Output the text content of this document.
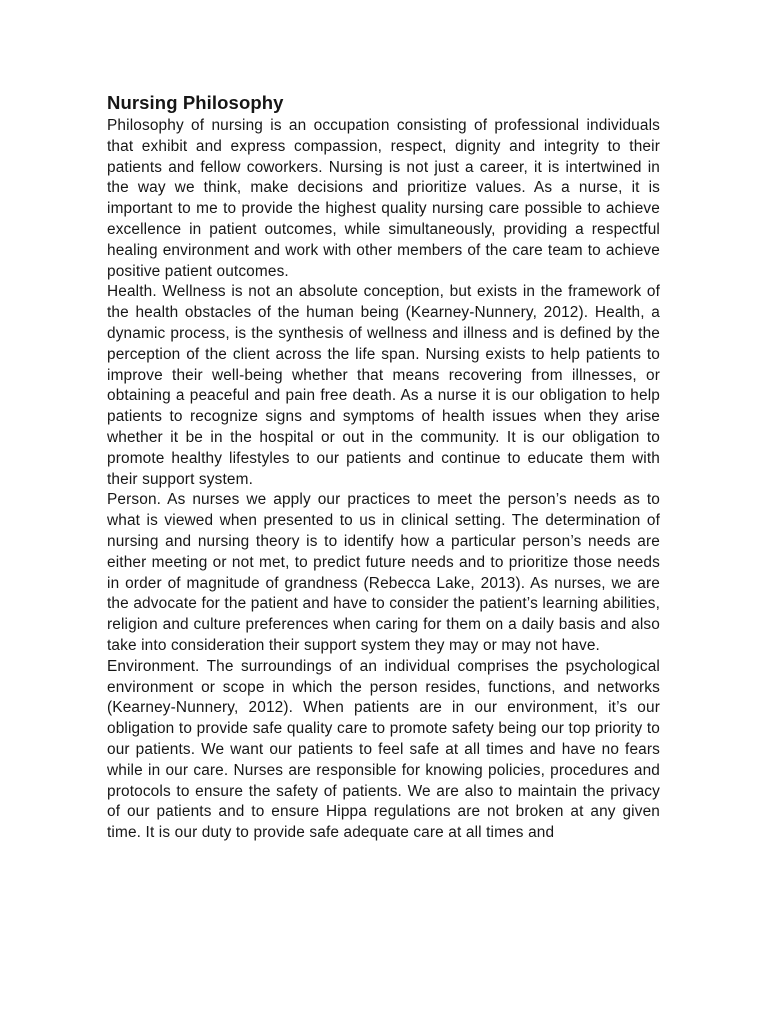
Nursing Philosophy

Philosophy of nursing is an occupation consisting of professional individuals that exhibit and express compassion, respect, dignity and integrity to their patients and fellow coworkers. Nursing is not just a career, it is intertwined in the way we think, make decisions and prioritize values. As a nurse, it is important to me to provide the highest quality nursing care possible to achieve excellence in patient outcomes, while simultaneously, providing a respectful healing environment and work with other members of the care team to achieve positive patient outcomes.

Health. Wellness is not an absolute conception, but exists in the framework of the health obstacles of the human being (Kearney-Nunnery, 2012). Health, a dynamic process, is the synthesis of wellness and illness and is defined by the perception of the client across the life span. Nursing exists to help patients to improve their well-being whether that means recovering from illnesses, or obtaining a peaceful and pain free death. As a nurse it is our obligation to help patients to recognize signs and symptoms of health issues when they arise whether it be in the hospital or out in the community. It is our obligation to promote healthy lifestyles to our patients and continue to educate them with their support system.

Person. As nurses we apply our practices to meet the person’s needs as to what is viewed when presented to us in clinical setting. The determination of nursing and nursing theory is to identify how a particular person’s needs are either meeting or not met, to predict future needs and to prioritize those needs in order of magnitude of grandness (Rebecca Lake, 2013). As nurses, we are the advocate for the patient and have to consider the patient’s learning abilities, religion and culture preferences when caring for them on a daily basis and also take into consideration their support system they may or may not have.

Environment. The surroundings of an individual comprises the psychological environment or scope in which the person resides, functions, and networks (Kearney-Nunnery, 2012). When patients are in our environment, it’s our obligation to provide safe quality care to promote safety being our top priority to our patients. We want our patients to feel safe at all times and have no fears while in our care. Nurses are responsible for knowing policies, procedures and protocols to ensure the safety of patients. We are also to maintain the privacy of our patients and to ensure Hippa regulations are not broken at any given time. It is our duty to provide safe adequate care at all times and
